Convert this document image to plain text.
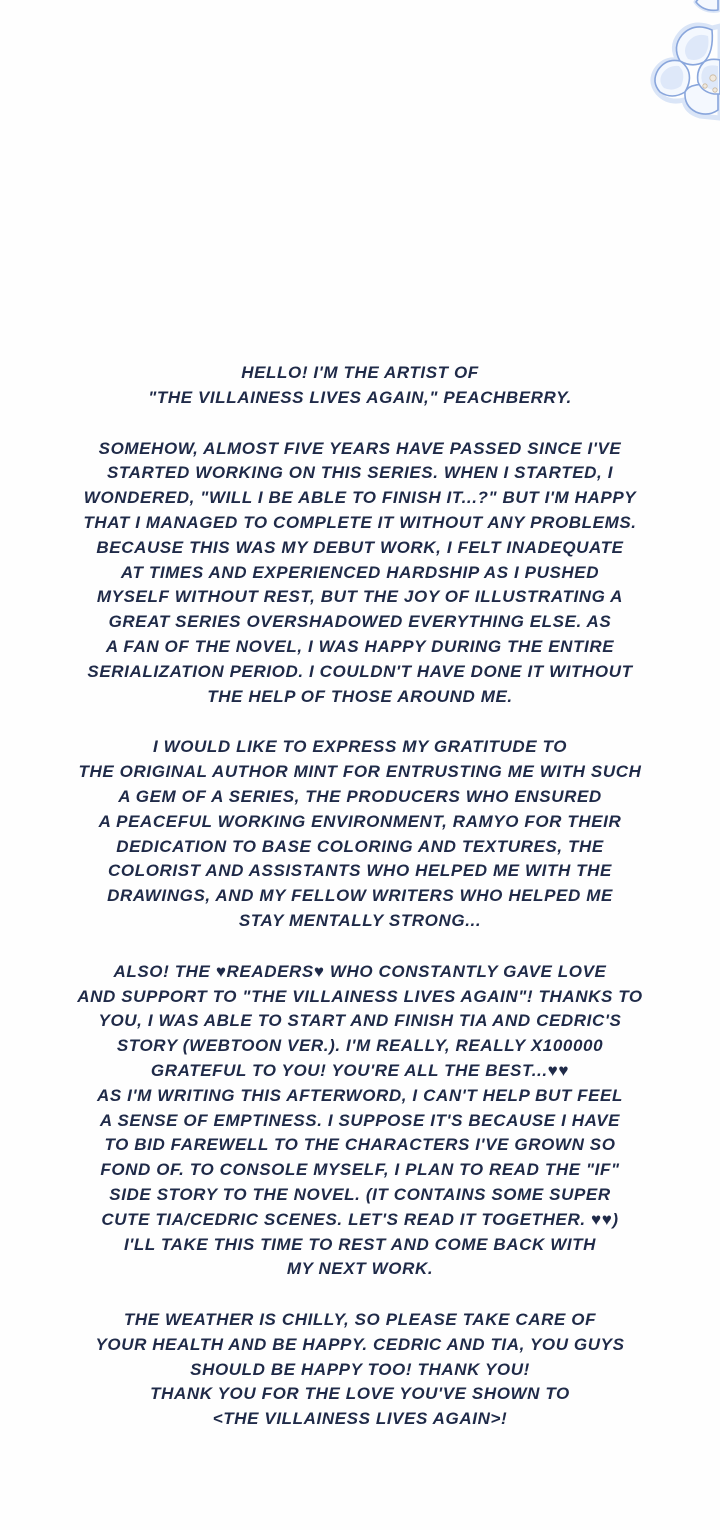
HELLO! I'M THE ARTIST OF
"THE VILLAINESS LIVES AGAIN," PEACHBERRY.
SOMEHOW, ALMOST FIVE YEARS HAVE PASSED SINCE I'VE
STARTED WORKING ON THIS SERIES. WHEN I STARTED, I
WONDERED, "WILL I BE ABLE TO FINISH IT...?" BUT I'M HAPPY
THAT I MANAGED TO COMPLETE IT WITHOUT ANY PROBLEMS.
BECAUSE THIS WAS MY DEBUT WORK, I FELT INADEQUATE
AT TIMES AND EXPERIENCED HARDSHIP AS I PUSHED
MYSELF WITHOUT REST, BUT THE JOY OF ILLUSTRATING A
GREAT SERIES OVERSHADOWED EVERYTHING ELSE. AS
A FAN OF THE NOVEL, I WAS HAPPY DURING THE ENTIRE
SERIALIZATION PERIOD. I COULDN'T HAVE DONE IT WITHOUT
THE HELP OF THOSE AROUND ME.
I WOULD LIKE TO EXPRESS MY GRATITUDE TO
THE ORIGINAL AUTHOR MINT FOR ENTRUSTING ME WITH SUCH
A GEM OF A SERIES, THE PRODUCERS WHO ENSURED
A PEACEFUL WORKING ENVIRONMENT, RAMYO FOR THEIR
DEDICATION TO BASE COLORING AND TEXTURES, THE
COLORIST AND ASSISTANTS WHO HELPED ME WITH THE
DRAWINGS, AND MY FELLOW WRITERS WHO HELPED ME
STAY MENTALLY STRONG...
ALSO! THE ♥READERS♥ WHO CONSTANTLY GAVE LOVE
AND SUPPORT TO "THE VILLAINESS LIVES AGAIN"! THANKS TO
YOU, I WAS ABLE TO START AND FINISH TIA AND CEDRIC'S
STORY (WEBTOON VER.). I'M REALLY, REALLY X100000
GRATEFUL TO YOU! YOU'RE ALL THE BEST...♥♥
AS I'M WRITING THIS AFTERWORD, I CAN'T HELP BUT FEEL
A SENSE OF EMPTINESS. I SUPPOSE IT'S BECAUSE I HAVE
TO BID FAREWELL TO THE CHARACTERS I'VE GROWN SO
FOND OF. TO CONSOLE MYSELF, I PLAN TO READ THE "IF"
SIDE STORY TO THE NOVEL. (IT CONTAINS SOME SUPER
CUTE TIA/CEDRIC SCENES. LET'S READ IT TOGETHER. ♥♥)
I'LL TAKE THIS TIME TO REST AND COME BACK WITH
MY NEXT WORK.
THE WEATHER IS CHILLY, SO PLEASE TAKE CARE OF
YOUR HEALTH AND BE HAPPY. CEDRIC AND TIA, YOU GUYS
SHOULD BE HAPPY TOO! THANK YOU!
THANK YOU FOR THE LOVE YOU'VE SHOWN TO
<THE VILLAINESS LIVES AGAIN>!
